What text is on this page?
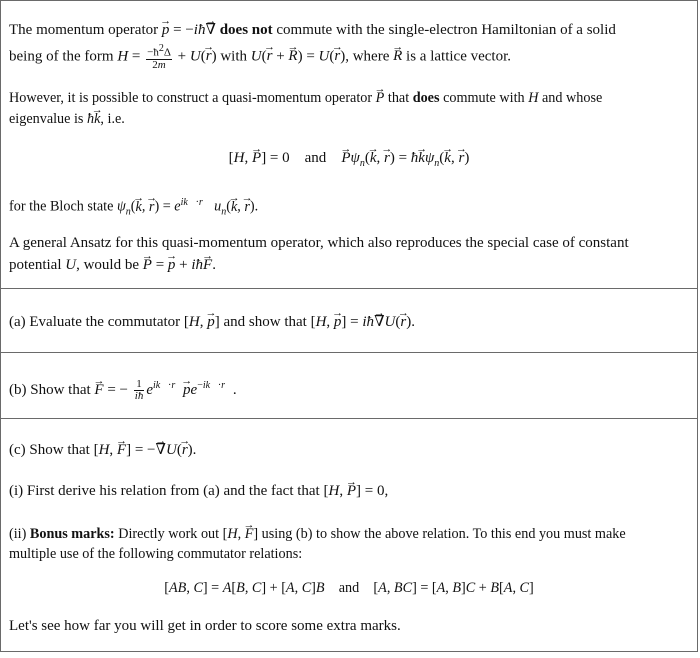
The momentum operator p → = −iħ∇ → does not commute with the single-electron Hamiltonian of a solid
being of the form $H = \frac{-ħ^2\Delta}{2m} + U(r$ →) with U(r → + R →) = U(r →), where R → is a lattice vector.
However, it is possible to construct a quasi-momentum operator P → that does commute with H and whose
eigenvalue is ħk →, i.e.
[H, P →] = 0    and    $P \to\psi_n(k$ →, r →) = ħk $\to\psi_n(k$ →, r →)
for the Bloch state $\psi_n(k$ →, r →) = $e^{ik⃗\cdot r⃗}$ $u_n(k$ →, r →).
A general Ansatz for this quasi-momentum operator, which also reproduces the special case of constant
potential U, would be P → = p → + iħF →.
(a) Evaluate the commutator [H, p →] and show that [H, p →] = iħ∇ →U(r →).
(b) Show that F → = − $\frac{1}{iħ} e^{ik⃗\cdot r⃗}p \to e^{-ik⃗\cdot r⃗}$.
(c) Show that [H, F →] = −∇ →U(r →).
(i) First derive his relation from (a) and the fact that [H, P →] = 0,
(ii) Bonus marks: Directly work out [H, F →] using (b) to show the above relation. To this end you must make
multiple use of the following commutator relations:
[AB, C] = A[B, C] + [A, C]B    and    [A, BC] = [A, B]C + B[A, C]
Let's see how far you will get in order to score some extra marks.
